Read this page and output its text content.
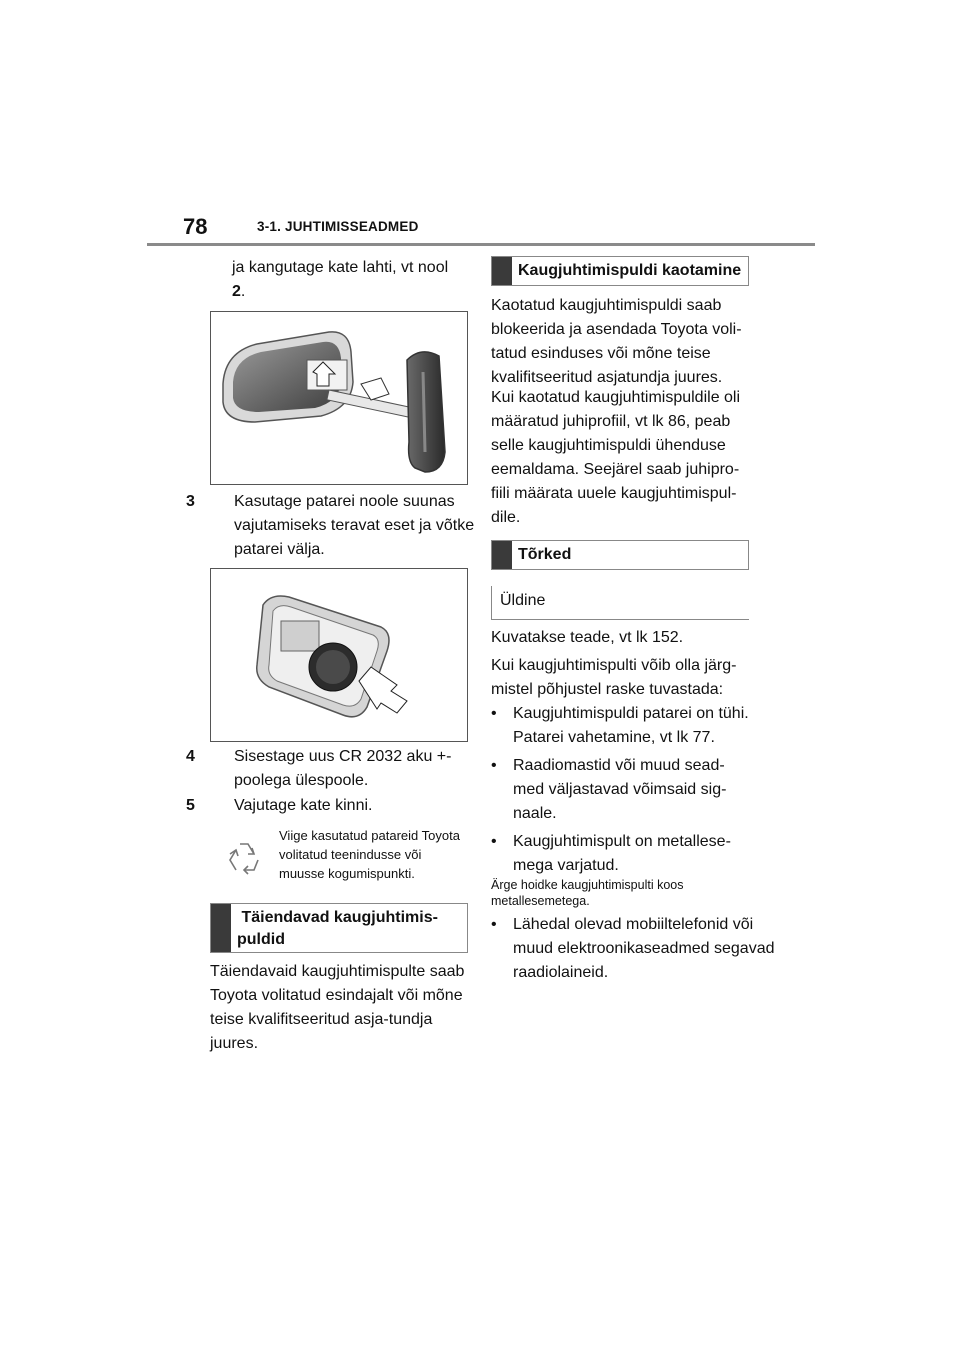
78	3-1. JUHTIMISSEADMED
ja kangutage kate lahti, vt nool
2.
3 Kasutage patarei noole suunas vajutamiseks teravat eset ja võtke patarei välja.
4 Sisestage uus CR 2032 aku +-poolega ülespoole.
5 Vajutage kate kinni.
Viige kasutatud patareid Toyota volitatud teenindusse või muusse kogumispunkti.
Täiendavad kaugjuhtimis-puldid
Täiendavaid kaugjuhtimispulte saab Toyota volitatud esindajalt või mõne teise kvalifitseeritud asja-tundja juures.
Kaugjuhtimispuldi kaotamine
Kaotatud kaugjuhtimispuldi saab blokeerida ja asendada Toyota voli-tatud esinduses või mõne teise kvalifitseeritud asjatundja juures.
Kui kaotatud kaugjuhtimispuldile oli määratud juhiprofiil, vt lk 86, peab selle kaugjuhtimispuldi ühenduse eemaldama. Seejärel saab juhipro-fiili määrata uuele kaugjuhtimispul-dile.
Tõrked
Üldine
Kuvatakse teade, vt lk 152.
Kui kaugjuhtimispulti võib olla järg-mistel põhjustel raske tuvastada:
• Kaugjuhtimispuldi patarei on tühi. Patarei vahetamine, vt lk 77.
• Raadiomastid või muud sead-med väljastavad võimsaid sig-naale.
• Kaugjuhtimispult on metallese-mega varjatud.
Ärge hoidke kaugjuhtimispulti koos metallesemetega.
• Lähedal olevad mobiiltelefonid või muud elektroonikaseadmed segavad raadiolaineid.
